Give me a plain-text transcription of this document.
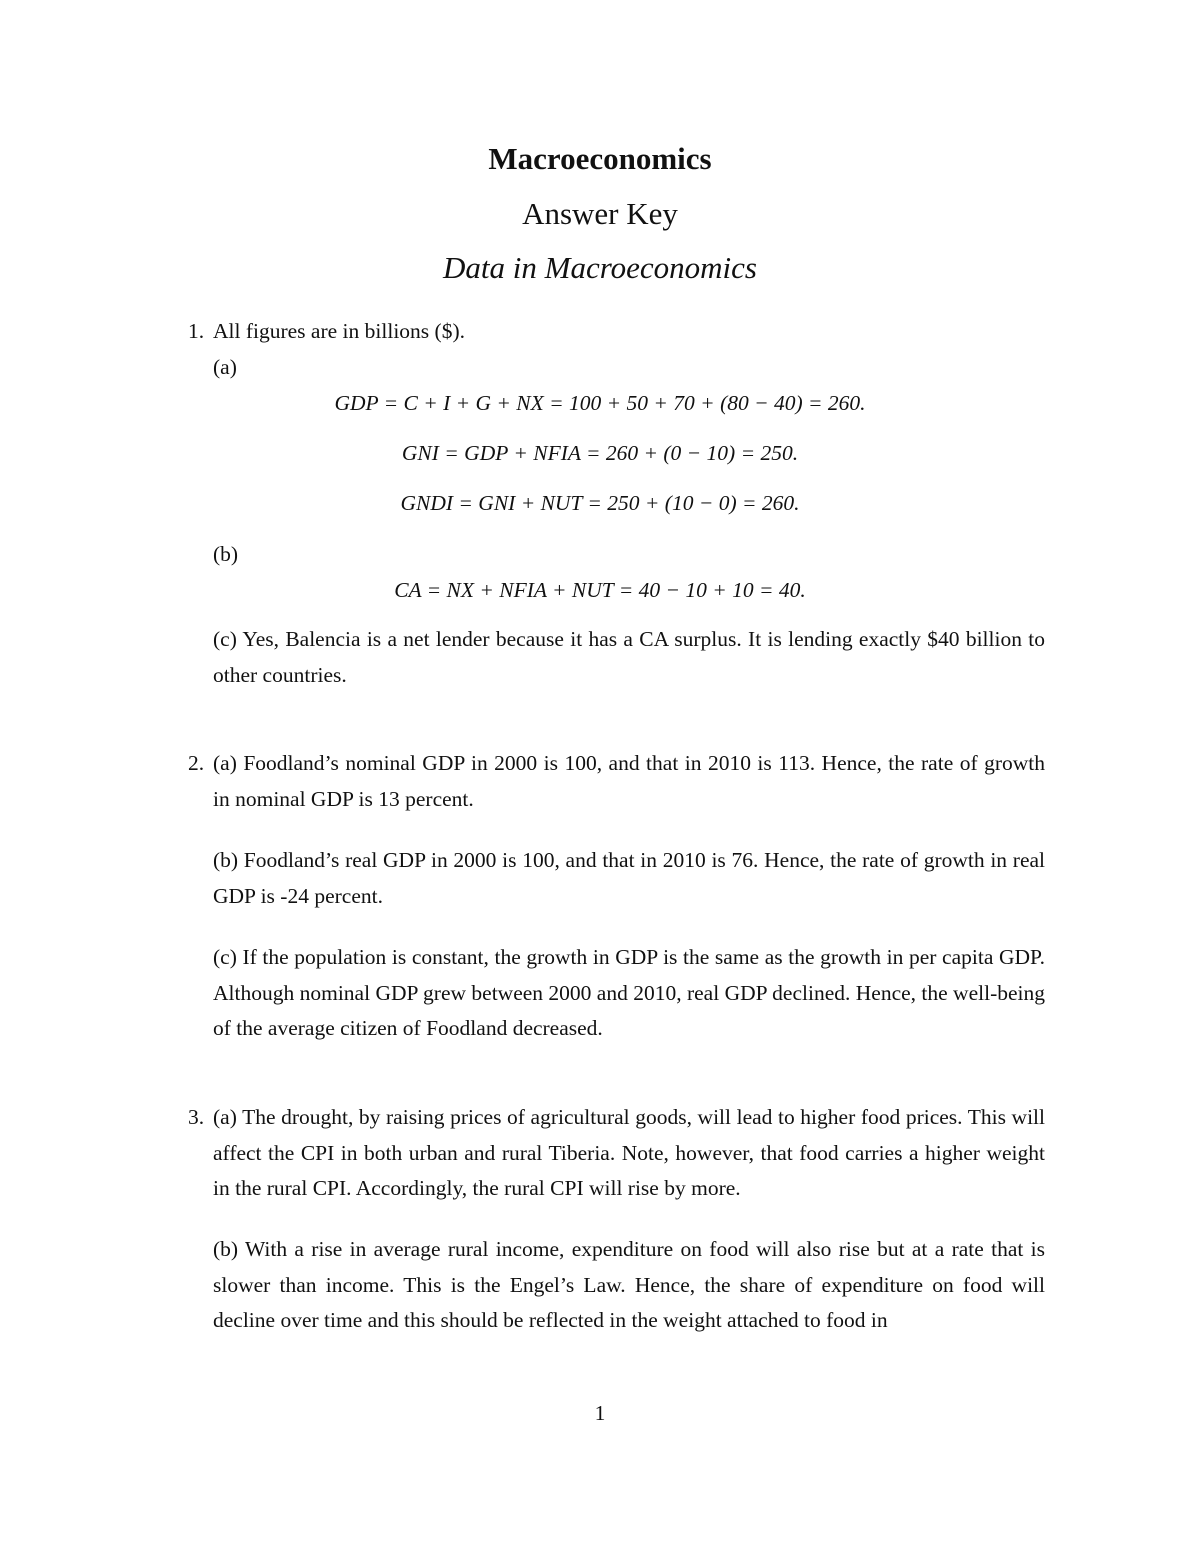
Macroeconomics
Answer Key
Data in Macroeconomics
1. All figures are in billions ($).
(a)
GDP = C + I + G + NX = 100 + 50 + 70 + (80 − 40) = 260.
GNI = GDP + NFIA = 260 + (0 − 10) = 250.
GNDI = GNI + NUT = 250 + (10 − 0) = 260.
(b)
CA = NX + NFIA + NUT = 40 − 10 + 10 = 40.

(c) Yes, Balencia is a net lender because it has a CA surplus. It is lending exactly $40 billion to other countries.

2. (a) Foodland’s nominal GDP in 2000 is 100, and that in 2010 is 113. Hence, the rate of growth in nominal GDP is 13 percent.

(b) Foodland’s real GDP in 2000 is 100, and that in 2010 is 76. Hence, the rate of growth in real GDP is -24 percent.

(c) If the population is constant, the growth in GDP is the same as the growth in per capita GDP. Although nominal GDP grew between 2000 and 2010, real GDP declined. Hence, the well-being of the average citizen of Foodland decreased.

3. (a) The drought, by raising prices of agricultural goods, will lead to higher food prices. This will affect the CPI in both urban and rural Tiberia. Note, however, that food carries a higher weight in the rural CPI. Accordingly, the rural CPI will rise by more.

(b) With a rise in average rural income, expenditure on food will also rise but at a rate that is slower than income. This is the Engel’s Law. Hence, the share of expenditure on food will decline over time and this should be reflected in the weight attached to food in

1
